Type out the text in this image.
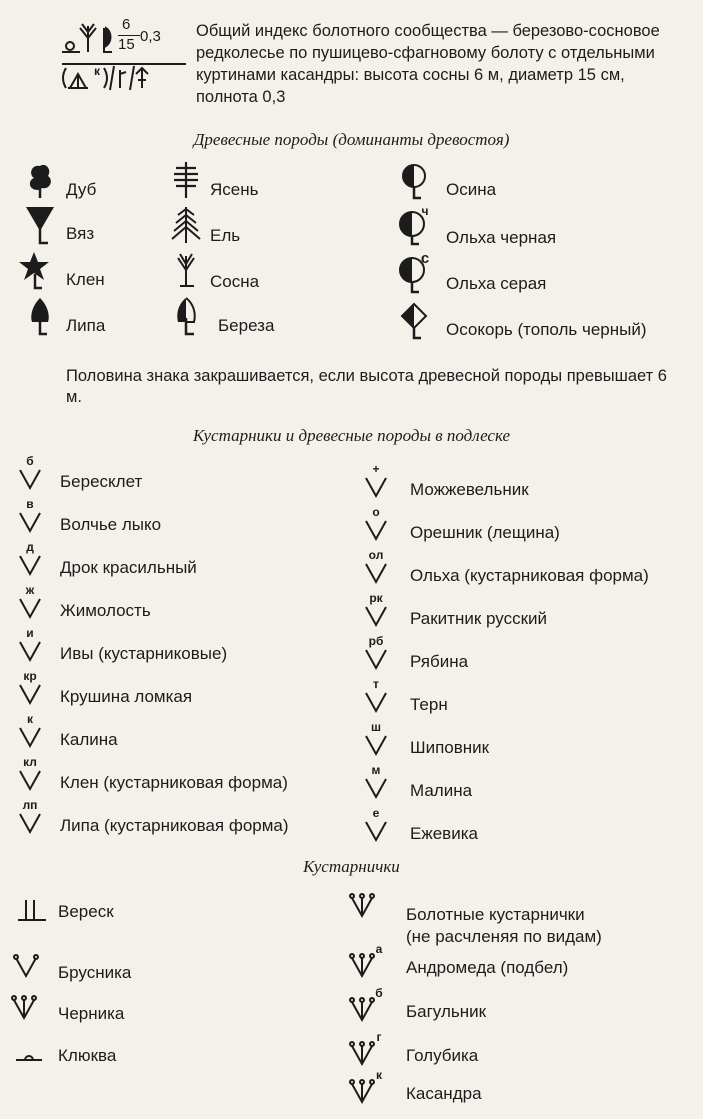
6
15 0,3
к
Общий индекс болотного сообщества — березово-сосновое редколесье по пушицево-сфагновому болоту с отдельными куртинами касандры: высота сосны 6 м, диаметр 15 см, полнота 0,3
Древесные породы (доминанты древостоя)
Дуб
Вяз
Клен
Липа
Ясень
Ель
Сосна
Береза
Осина
ч
Ольха черная
с
Ольха серая
Осокорь (тополь черный)
Половина знака закрашивается, если высота древесной породы превышает 6 м.
Кустарники и древесные породы в подлеске
б
Бересклет
в
Волчье лыко
д
Дрок красильный
ж
Жимолость
и
Ивы (кустарниковые)
кр
Крушина ломкая
к
Калина
кл
Клен (кустарниковая форма)
лп
Липа (кустарниковая форма)
+
Можжевельник
о
Орешник (лещина)
ол
Ольха (кустарниковая форма)
рк
Ракитник русский
рб
Рябина
т
Терн
ш
Шиповник
м
Малина
е
Ежевика
Кустарнички
Вереск
Брусника
Черника
Клюква
Болотные кустарнички
(не расчленяя по видам)
а
Андромеда (подбел)
б
Багульник
г
Голубика
к
Касандра
